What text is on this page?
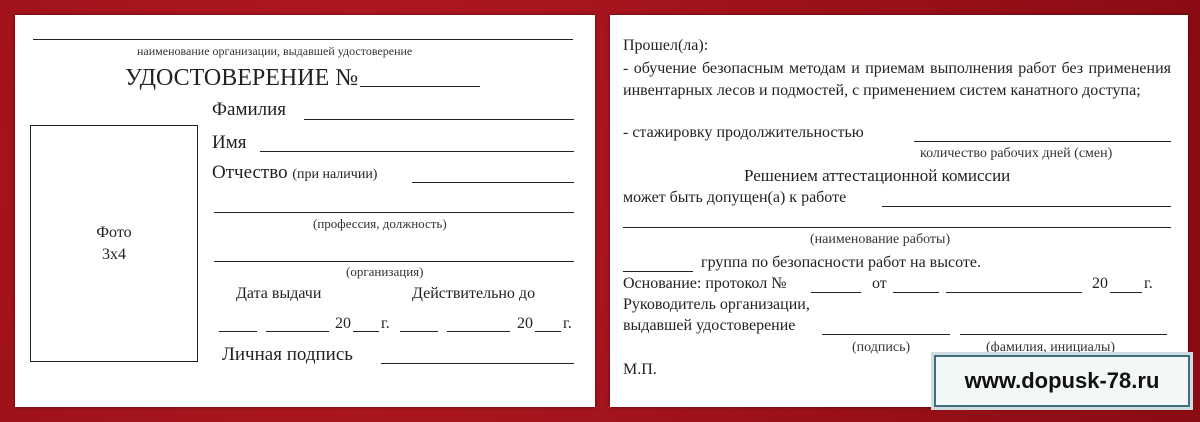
наименование организации, выдавшей удостоверение
УДОСТОВЕРЕНИЕ №
Фамилия
Имя
Отчество (при наличии)
(профессия, должность)
(организация)
Фото
3х4
Дата выдачи	Действительно до
20 г.	20 г.
Личная подпись
Прошел(ла):
- обучение безопасным методам и приемам выполнения работ без применения инвентарных лесов и подмостей, с применением систем канатного доступа;
- стажировку продолжительностью
количество рабочих дней (смен)
Решением аттестационной комиссии
может быть допущен(а) к работе
(наименование работы)
группа по безопасности работ на высоте.
Основание: протокол №	от	20 г.
Руководитель организации,
выдавшей удостоверение
(подпись)	(фамилия, инициалы)
М.П.	www.dopusk-78.ru
